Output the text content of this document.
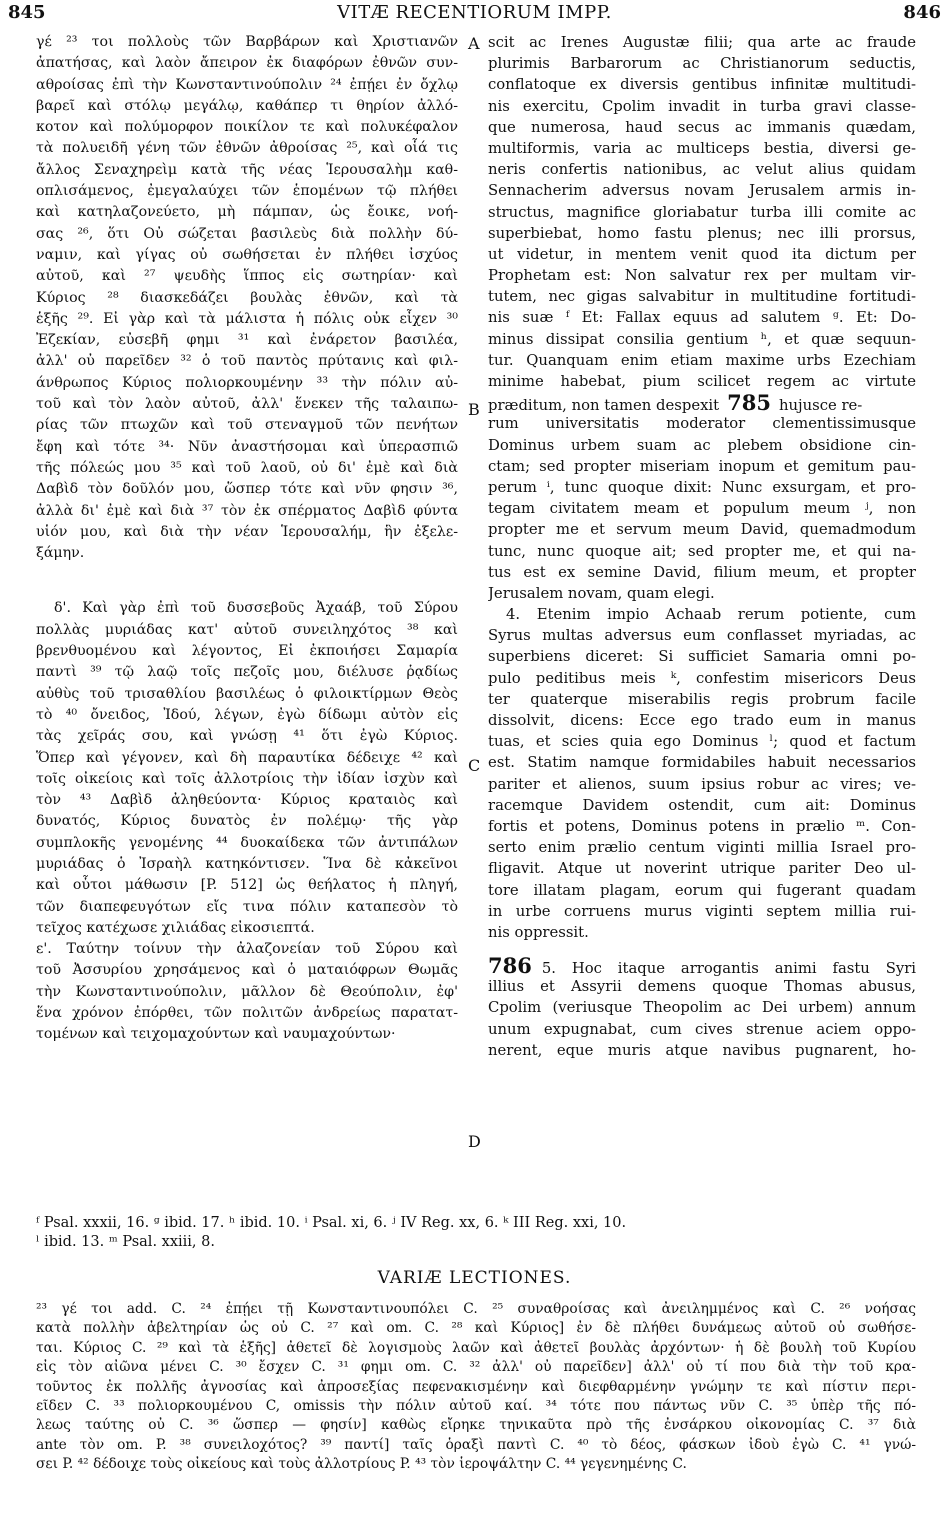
845	VITÆ RECENTIORUM IMPP.	846
γέ ²³ τοι πολλοὺς τῶν Βαρβάρων καὶ Χριστιανῶν
ἀπατήσας, καὶ λαὸν ἄπειρον ἐκ διαφόρων ἐθνῶν συν-
αθροίσας ἐπὶ τὴν Κωνσταντινούπολιν ²⁴ ἐπῄει ἐν ὄχλῳ
βαρεῖ καὶ στόλῳ μεγάλῳ, καθάπερ τι θηρίον ἀλλό-
κοτον καὶ πολύμορφον ποικίλον τε καὶ πολυκέφαλον
τὰ πολυειδῆ γένη τῶν ἐθνῶν ἀθροίσας ²⁵, καὶ οἷά τις
ἄλλος Σεναχηρεὶμ κατὰ τῆς νέας Ἱερουσαλὴμ καθ-
οπλισάμενος, ἐμεγαλαύχει τῶν ἑπομένων τῷ πλήθει
καὶ κατηλαζονεύετο, μὴ πάμπαν, ὡς ἔοικε, νοή-
σας ²⁶, ὅτι Οὐ σώζεται βασιλεὺς διὰ πολλὴν δύ-
ναμιν, καὶ γίγας οὐ σωθήσεται ἐν πλήθει ἰσχύος
αὐτοῦ, καὶ ²⁷ ψευδὴς ἵππος εἰς σωτηρίαν· καὶ
Κύριος ²⁸ διασκεδάζει βουλὰς ἐθνῶν, καὶ τὰ
ἑξῆς ²⁹. Εἰ γὰρ καὶ τὰ μάλιστα ἡ πόλις οὐκ εἶχεν ³⁰
Ἐζεκίαν, εὐσεβῆ φημι ³¹ καὶ ἐνάρετον βασιλέα,
ἀλλ' οὐ παρεῖδεν ³² ὁ τοῦ παντὸς πρύτανις καὶ φιλ-
άνθρωπος Κύριος πολιορκουμένην ³³ τὴν πόλιν αὐ-
τοῦ καὶ τὸν λαὸν αὐτοῦ, ἀλλ' ἕνεκεν τῆς ταλαιπω-
ρίας τῶν πτωχῶν καὶ τοῦ στεναγμοῦ τῶν πενήτων
ἔφη καὶ τότε ³⁴· Νῦν ἀναστήσομαι καὶ ὑπερασπιῶ
τῆς πόλεώς μου ³⁵ καὶ τοῦ λαοῦ, οὐ δι' ἐμὲ καὶ διὰ
Δαβὶδ τὸν δοῦλόν μου, ὥσπερ τότε καὶ νῦν φησιν ³⁶,
ἀλλὰ δι' ἐμὲ καὶ διὰ ³⁷ τὸν ἐκ σπέρματος Δαβὶδ φύντα
υἱόν μου, καὶ διὰ τὴν νέαν Ἱερουσαλήμ, ἣν ἐξελε-
ξάμην.
δ'. Καὶ γὰρ ἐπὶ τοῦ δυσσεβοῦς Ἀχαάβ, τοῦ Σύρου
πολλὰς μυριάδας κατ' αὐτοῦ συνειληχότος ³⁸ καὶ
βρενθυομένου καὶ λέγοντος, Εἰ ἐκποιήσει Σαμαρία
παντὶ ³⁹ τῷ λαῷ τοῖς πεζοῖς μου, διέλυσε ῥᾳδίως
αὐθὺς τοῦ τρισαθλίου βασιλέως ὁ φιλοικτίρμων Θεὸς
τὸ ⁴⁰ ὄνειδος, Ἰδού, λέγων, ἐγὼ δίδωμι αὐτὸν εἰς
τὰς χεῖράς σου, καὶ γνώσῃ ⁴¹ ὅτι ἐγὼ Κύριος.
Ὅπερ καὶ γέγονεν, καὶ δὴ παραυτίκα δέδειχε ⁴² καὶ
τοῖς οἰκείοις καὶ τοῖς ἀλλοτρίοις τὴν ἰδίαν ἰσχὺν καὶ
τὸν ⁴³ Δαβὶδ ἀληθεύοντα· Κύριος κραταιὸς καὶ
δυνατός, Κύριος δυνατὸς ἐν πολέμῳ· τῆς γὰρ
συμπλοκῆς γενομένης ⁴⁴ δυοκαίδεκα τῶν ἀντιπάλων
μυριάδας ὁ Ἰσραὴλ κατηκόντισεν. Ἵνα δὲ κἀκεῖνοι
καὶ οὗτοι μάθωσιν [P. 512] ὡς θεήλατος ἡ πληγή,
τῶν διαπεφευγότων εἴς τινα πόλιν καταπεσὸν τὸ
τεῖχος κατέχωσε χιλιάδας εἰκοσιεπτά.
ε'. Ταύτην τοίνυν τὴν ἀλαζονείαν τοῦ Σύρου καὶ
τοῦ Ἀσσυρίου χρησάμενος καὶ ὁ ματαιόφρων Θωμᾶς
τὴν Κωνσταντινούπολιν, μᾶλλον δὲ Θεούπολιν, ἐφ'
ἕνα χρόνον ἐπόρθει, τῶν πολιτῶν ἀνδρείως παρατατ-
τομένων καὶ τειχομαχούντων καὶ ναυμαχούντων·
scit ac Irenes Augustæ filii; qua arte ac fraude
plurimis Barbarorum ac Christianorum seductis,
conflatoque ex diversis gentibus infinitæ multitudi-
nis exercitu, Cpolim invadit in turba gravi classe-
que numerosa, haud secus ac immanis quædam,
multiformis, varia ac multiceps bestia, diversi ge-
neris confertis nationibus, ac velut alius quidam
Sennacherim adversus novam Jerusalem armis in-
structus, magnifice gloriabatur turba illi comite ac
superbiebat, homo fastu plenus; nec illi prorsus,
ut videtur, in mentem venit quod ita dictum per
Prophetam est: Non salvatur rex per multam vir-
tutem, nec gigas salvabitur in multitudine fortitudi-
nis suæ ᶠ Et: Fallax equus ad salutem ᵍ. Et: Do-
minus dissipat consilia gentium ʰ, et quæ sequun-
tur. Quanquam enim etiam maxime urbs Ezechiam
minime habebat, pium scilicet regem ac virtute
præditum, non tamen despexit 785 hujusce re-
rum universitatis moderator clementissimusque
Dominus urbem suam ac plebem obsidione cin-
ctam; sed propter miseriam inopum et gemitum pau-
perum ⁱ, tunc quoque dixit: Nunc exsurgam, et pro-
tegam civitatem meam et populum meum ʲ, non
propter me et servum meum David, quemadmodum
tunc, nunc quoque ait; sed propter me, et qui na-
tus est ex semine David, filium meum, et propter
Jerusalem novam, quam elegi.
4. Etenim impio Achaab rerum potiente, cum
Syrus multas adversus eum conflasset myriadas, ac
superbiens diceret: Si sufficiet Samaria omni po-
pulo peditibus meis ᵏ, confestim misericors Deus
ter quaterque miserabilis regis probrum facile
dissolvit, dicens: Ecce ego trado eum in manus
tuas, et scies quia ego Dominus ˡ; quod et factum
est. Statim namque formidabiles habuit necessarios
pariter et alienos, suum ipsius robur ac vires; ve-
racemque Davidem ostendit, cum ait: Dominus
fortis et potens, Dominus potens in prælio ᵐ. Con-
serto enim prælio centum viginti millia Israel pro-
fligavit. Atque ut noverint utrique pariter Deo ul-
tore illatam plagam, eorum qui fugerant quadam
in urbe corruens murus viginti septem millia rui-
nis oppressit.
786 5. Hoc itaque arrogantis animi fastu Syri
illius et Assyrii demens quoque Thomas abusus,
Cpolim (veriusque Theopolim ac Dei urbem) annum
unum expugnabat, cum cives strenue aciem oppo-
nerent, eque muris atque navibus pugnarent, ho-
A
B
C
D
ᶠ Psal. xxxii, 16. ᵍ ibid. 17. ʰ ibid. 10. ⁱ Psal. xi, 6. ʲ IV Reg. xx, 6. ᵏ III Reg. xxi, 10.
ˡ ibid. 13. ᵐ Psal. xxiii, 8.
VARIÆ LECTIONES.
²³ γέ τοι add. C. ²⁴ ἐπῄει τῇ Κωνσταντινουπόλει C. ²⁵ συναθροίσας καὶ ἀνειλημμένος καὶ C. ²⁶ νοήσας
κατὰ πολλὴν ἀβελτηρίαν ὡς οὐ C. ²⁷ καὶ om. C. ²⁸ καὶ Κύριος] ἐν δὲ πλήθει δυνάμεως αὐτοῦ οὐ σωθήσε-
ται. Κύριος C. ²⁹ καὶ τὰ ἑξῆς] ἀθετεῖ δὲ λογισμοὺς λαῶν καὶ ἀθετεῖ βουλὰς ἀρχόντων· ἡ δὲ βουλὴ τοῦ Κυρίου
εἰς τὸν αἰῶνα μένει C. ³⁰ ἔσχεν C. ³¹ φημι om. C. ³² ἀλλ' οὐ παρεῖδεν] ἀλλ' οὐ τί που διὰ τὴν τοῦ κρα-
τοῦντος ἐκ πολλῆς ἀγνοσίας καὶ ἀπροσεξίας πεφενακισμένην καὶ διεφθαρμένην γνώμην τε καὶ πίστιν περι-
εῖδεν C. ³³ πολιορκουμένου C, omissis τὴν πόλιν αὐτοῦ καί. ³⁴ τότε που πάντως νῦν C. ³⁵ ὑπὲρ τῆς πό-
λεως ταύτης οὐ C. ³⁶ ὥσπερ — φησίν] καθὼς εἴρηκε τηνικαῦτα πρὸ τῆς ἐνσάρκου οἰκονομίας C. ³⁷ διὰ
ante τὸν om. P. ³⁸ συνειλοχότος? ³⁹ παντί] ταῖς ὁραξὶ παντὶ C. ⁴⁰ τὸ δέος, φάσκων ἰδοὺ ἐγὼ C. ⁴¹ γνώ-
σει P. ⁴² δέδοιχε τοὺς οἰκείους καὶ τοὺς ἀλλοτρίους P. ⁴³ τὸν ἱεροψάλτην C. ⁴⁴ γεγενημένης C.
